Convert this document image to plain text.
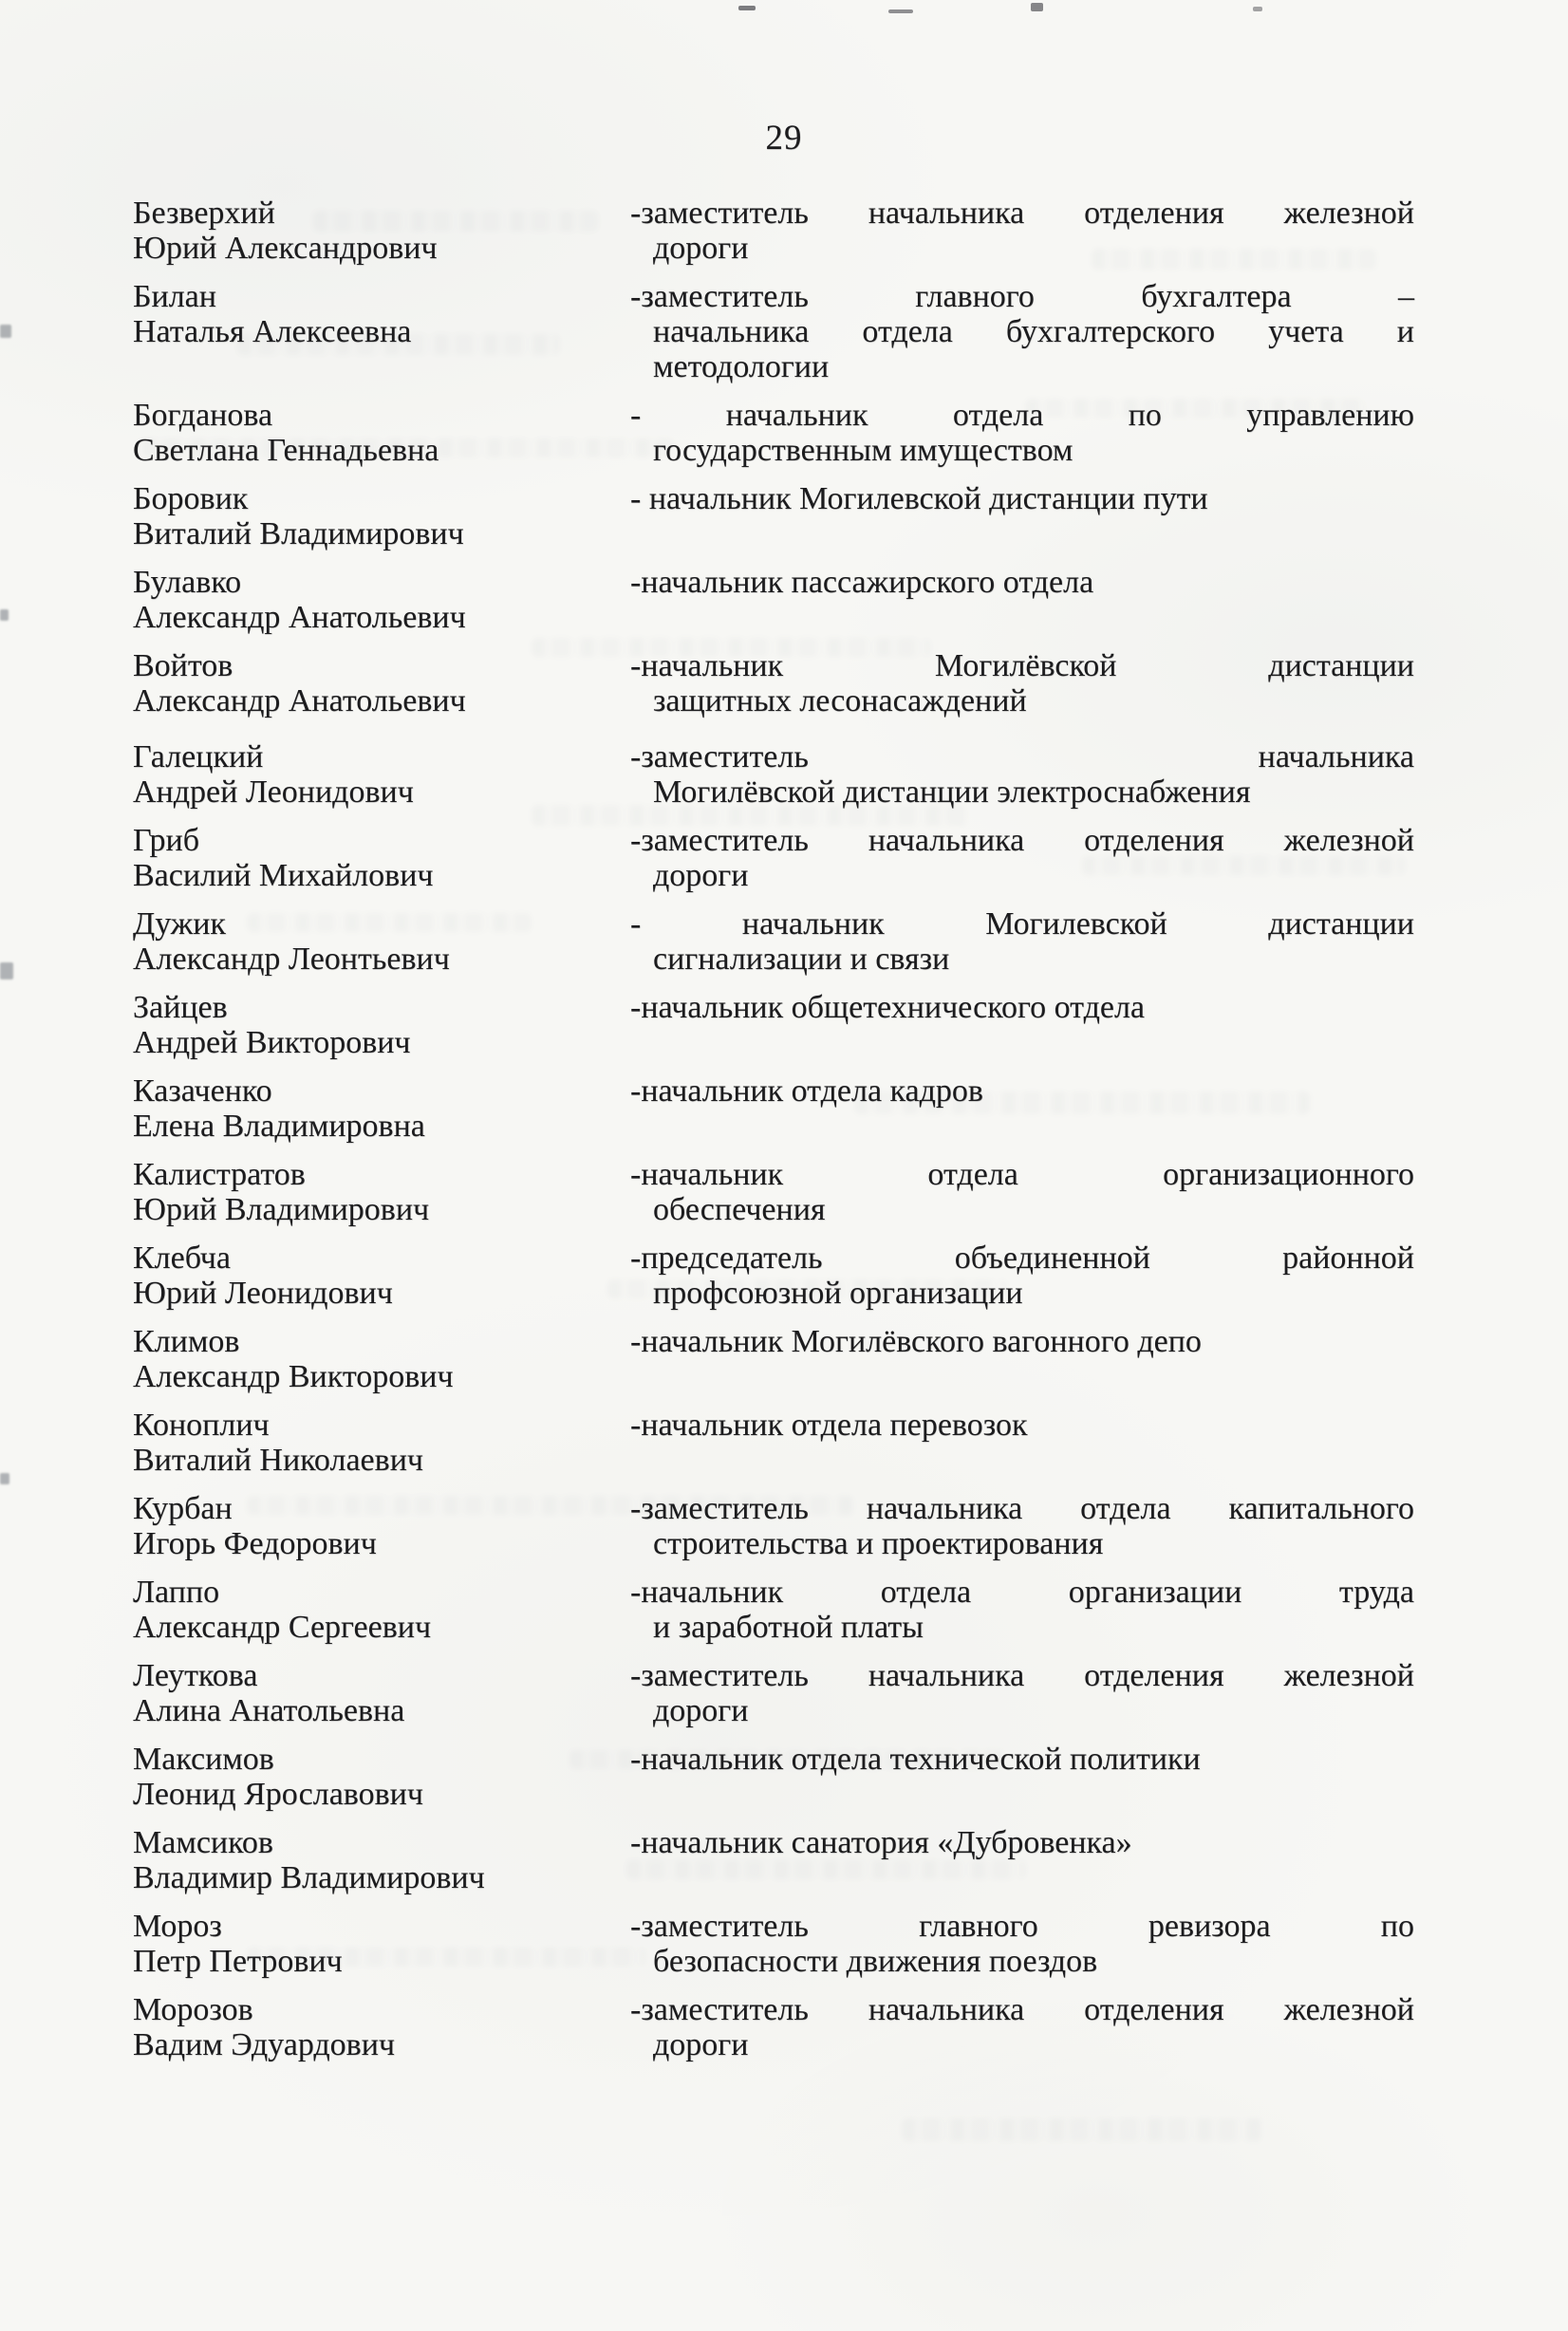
29
Безверхий
Юрий Александрович
-заместитель начальника отделения железной
дороги
Билан
Наталья Алексеевна
-заместитель главного бухгалтера –
начальника отдела бухгалтерского учета и
методологии
Богданова
Светлана Геннадьевна
- начальник отдела по управлению
государственным имуществом
Боровик
Виталий Владимирович
- начальник Могилевской дистанции пути
Булавко
Александр Анатольевич
-начальник пассажирского отдела
Войтов
Александр Анатольевич
-начальник Могилёвской дистанции
защитных лесонасаждений
Галецкий
Андрей Леонидович
-заместитель начальника
Могилёвской дистанции электроснабжения
Гриб
Василий Михайлович
-заместитель начальника отделения железной
дороги
Дужик
Александр Леонтьевич
- начальник Могилевской дистанции
сигнализации и связи
Зайцев
Андрей Викторович
-начальник общетехнического отдела
Казаченко
Елена Владимировна
-начальник отдела кадров
Калистратов
Юрий Владимирович
-начальник отдела организационного
обеспечения
Клебча
Юрий Леонидович
-председатель объединенной районной
профсоюзной организации
Климов
Александр Викторович
-начальник Могилёвского вагонного депо
Коноплич
Виталий Николаевич
-начальник отдела перевозок
Курбан
Игорь Федорович
-заместитель начальника отдела капитального
строительства и проектирования
Лаппо
Александр Сергеевич
-начальник отдела организации труда
и заработной платы
Леуткова
Алина Анатольевна
-заместитель начальника отделения железной
дороги
Максимов
Леонид Ярославович
-начальник отдела технической политики
Мамсиков
Владимир Владимирович
-начальник санатория «Дубровенка»
Мороз
Петр Петрович
-заместитель главного ревизора по
безопасности движения поездов
Морозов
Вадим Эдуардович
-заместитель начальника отделения железной
дороги
